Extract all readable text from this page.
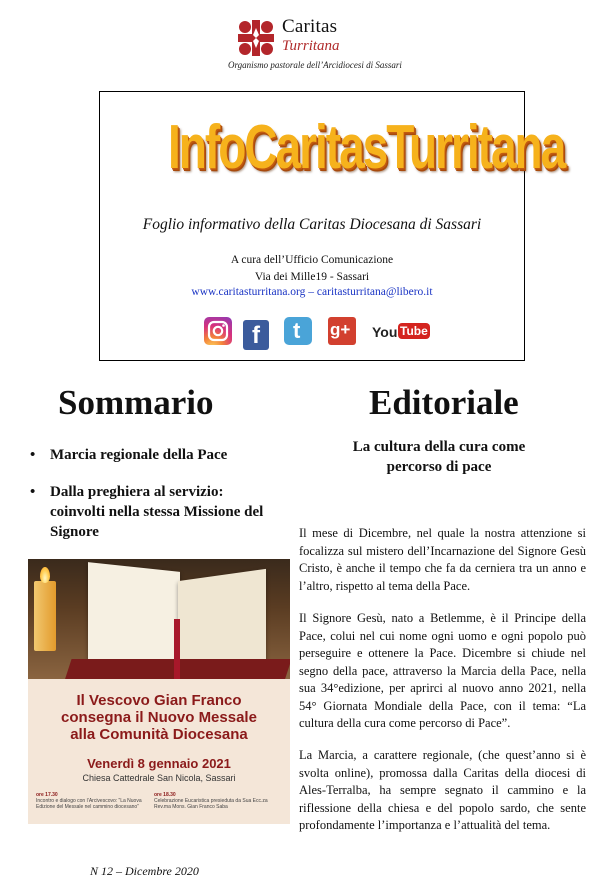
Caritas
Turritana
Organismo pastorale dell’Arcidiocesi di Sassari
InfoCaritasTurritana
Foglio informativo della Caritas Diocesana di Sassari
A cura dell’Ufficio Comunicazione
Via dei Mille19 - Sassari
www.caritasturritana.org – caritasturritana@libero.it
f t g+ You Tube
Sommario	Editoriale
La cultura della cura come percorso di pace
• Marcia regionale della Pace
• Dalla preghiera al servizio: coinvolti nella stessa Missione del Signore
Il Vescovo Gian Franco
consegna il Nuovo Messale
alla Comunità Diocesana
Venerdì 8 gennaio 2021
Chiesa Cattedrale San Nicola, Sassari
ore 17.30
Incontro e dialogo con l’Arcivescovo: “La Nuova Edizione del Messale nel cammino diocesano”
ore 18.30
Celebrazione Eucaristica presieduta da Sua Ecc.za Rev.ma Mons. Gian Franco Saba
Il mese di Dicembre, nel quale la nostra attenzione si focalizza sul mistero dell’Incarnazione del Signore Gesù Cristo, è anche il tempo che fa da cerniera tra un anno e l’altro, rispetto al tema della Pace.
Il Signore Gesù, nato a Betlemme, è il Principe della Pace, colui nel cui nome ogni uomo e ogni popolo può perseguire e ottenere la Pace. Dicembre si chiude nel segno della pace, attraverso la Marcia della Pace, nella sua 34°edizione, per aprirci al nuovo anno 2021, nella 54° Giornata Mondiale della Pace, con il tema: “La cultura della cura come percorso di Pace”.
La Marcia, a carattere regionale, (che quest’anno si è svolta online), promossa dalla Caritas della diocesi di Ales-Terralba, ha sempre segnato il cammino e la riflessione della chiesa e del popolo sardo, che sente profondamente l’importanza e l’attualità del tema.
N 12 – Dicembre 2020
